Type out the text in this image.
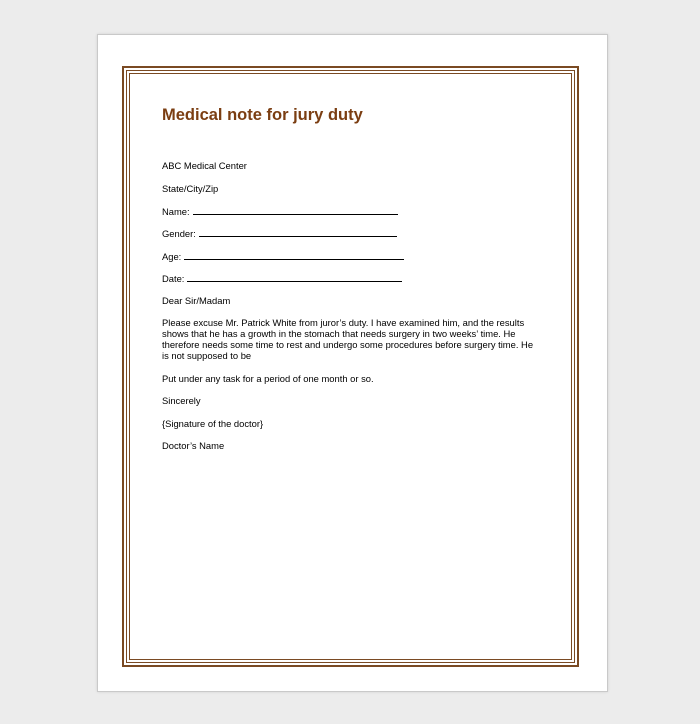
Medical note for jury duty
ABC Medical Center
State/City/Zip
Name:
Gender:
Age:
Date:
Dear Sir/Madam
Please excuse Mr. Patrick White from juror’s duty. I have examined him, and the results shows that he has a growth in the stomach that needs surgery in two weeks’ time. He therefore needs some time to rest and undergo some procedures before surgery time. He is not supposed to be
Put under any task for a period of one month or so.
Sincerely
{Signature of the doctor}
Doctor’s Name
